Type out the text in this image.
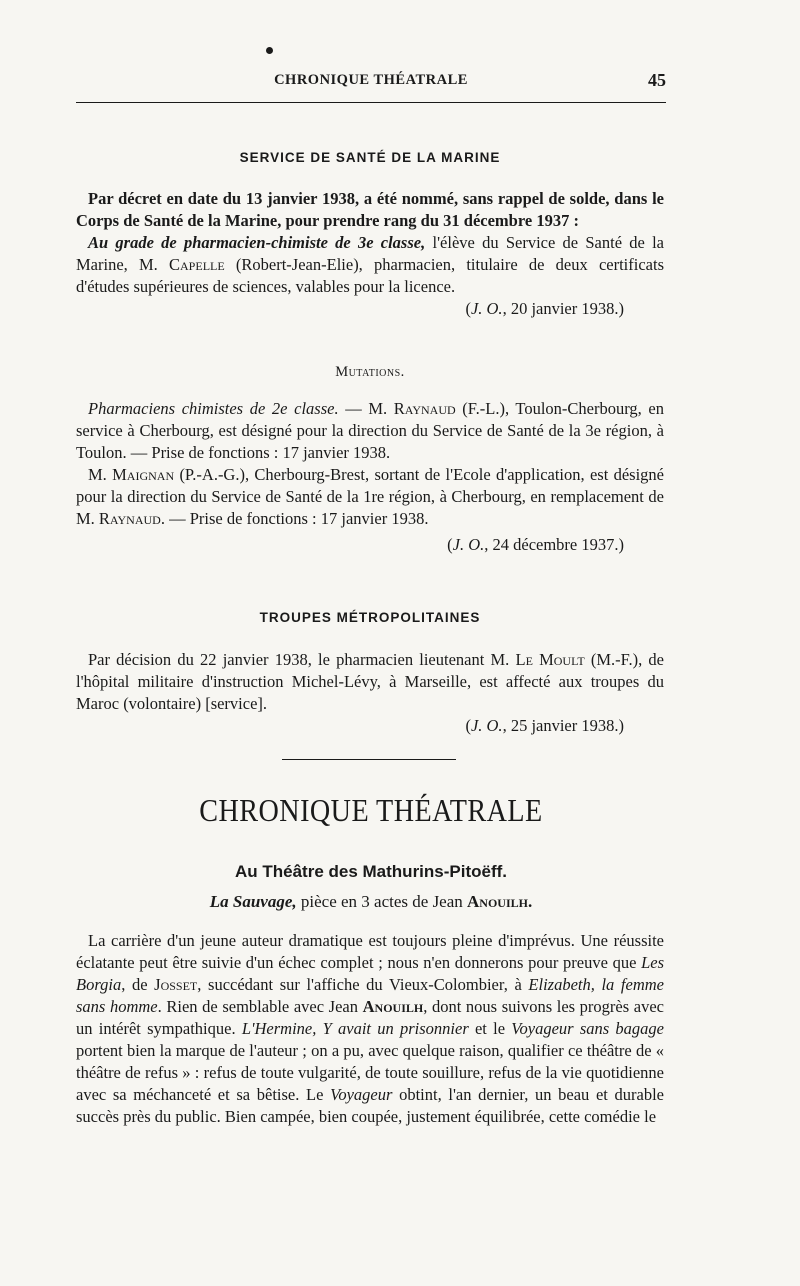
CHRONIQUE THÉATRALE	45
SERVICE DE SANTÉ DE LA MARINE

Par décret en date du 13 janvier 1938, a été nommé, sans rappel de solde, dans le Corps de Santé de la Marine, pour prendre rang du 31 décembre 1937 :

Au grade de pharmacien-chimiste de 3e classe, l'élève du Service de Santé de la Marine, M. Capelle (Robert-Jean-Elie), pharmacien, titulaire de deux certificats d'études supérieures de sciences, valables pour la licence.

(J. O., 20 janvier 1938.)
Mutations.

Pharmaciens chimistes de 2e classe. — M. Raynaud (F.-L.), Toulon-Cherbourg, en service à Cherbourg, est désigné pour la direction du Service de Santé de la 3e région, à Toulon. — Prise de fonctions : 17 janvier 1938.

M. Maignan (P.-A.-G.), Cherbourg-Brest, sortant de l'Ecole d'application, est désigné pour la direction du Service de Santé de la 1re région, à Cherbourg, en remplacement de M. Raynaud. — Prise de fonctions : 17 janvier 1938.

(J. O., 24 décembre 1937.)
TROUPES MÉTROPOLITAINES

Par décision du 22 janvier 1938, le pharmacien lieutenant M. Le Moult (M.-F.), de l'hôpital militaire d'instruction Michel-Lévy, à Marseille, est affecté aux troupes du Maroc (volontaire) [service].

(J. O., 25 janvier 1938.)
CHRONIQUE THÉATRALE
Au Théâtre des Mathurins-Pitoëff.
La Sauvage, pièce en 3 actes de Jean Anouilh.

La carrière d'un jeune auteur dramatique est toujours pleine d'imprévus. Une réussite éclatante peut être suivie d'un échec complet ; nous n'en donnerons pour preuve que Les Borgia, de Josset, succédant sur l'affiche du Vieux-Colombier, à Elizabeth, la femme sans homme. Rien de semblable avec Jean Anouilh, dont nous suivons les progrès avec un intérêt sympathique. L'Hermine, Y avait un prisonnier et le Voyageur sans bagage portent bien la marque de l'auteur ; on a pu, avec quelque raison, qualifier ce théâtre de « théâtre de refus » : refus de toute vulgarité, de toute souillure, refus de la vie quotidienne avec sa méchanceté et sa bêtise. Le Voyageur obtint, l'an dernier, un beau et durable succès près du public. Bien campée, bien coupée, justement équilibrée, cette comédie le
